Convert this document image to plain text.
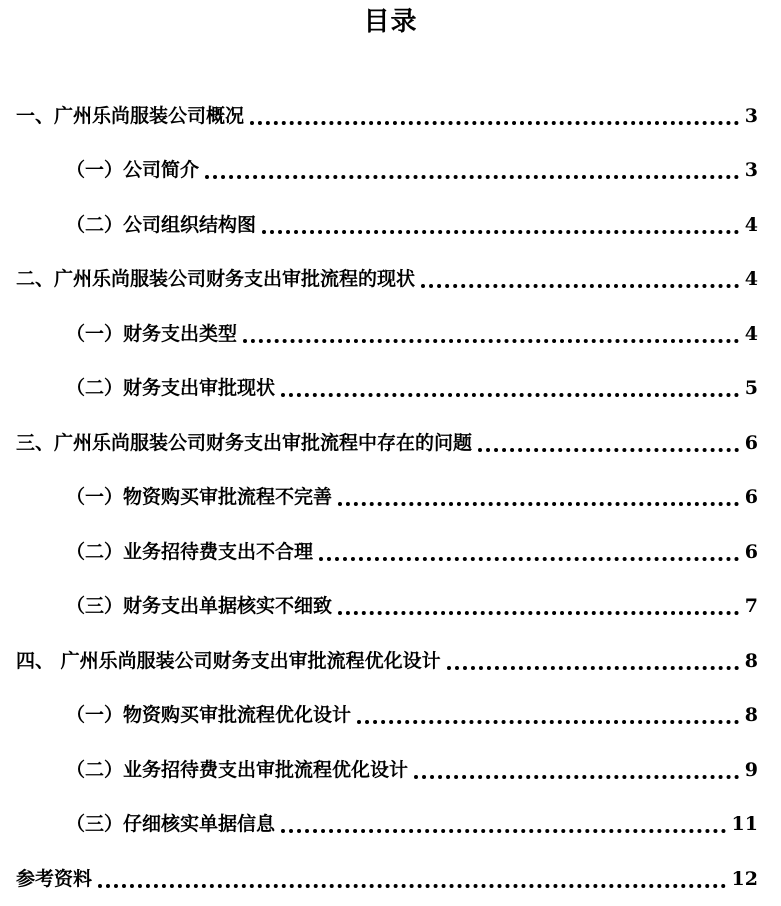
目录
一、广州乐尚服装公司概况	3
（一）公司简介	3
（二）公司组织结构图	4
二、广州乐尚服装公司财务支出审批流程的现状	4
（一）财务支出类型	4
（二）财务支出审批现状	5
三、广州乐尚服装公司财务支出审批流程中存在的问题	6
（一）物资购买审批流程不完善	6
（二）业务招待费支出不合理	6
（三）财务支出单据核实不细致	7
四、 广州乐尚服装公司财务支出审批流程优化设计	8
（一）物资购买审批流程优化设计	8
（二）业务招待费支出审批流程优化设计	9
（三）仔细核实单据信息	11
参考资料	12
